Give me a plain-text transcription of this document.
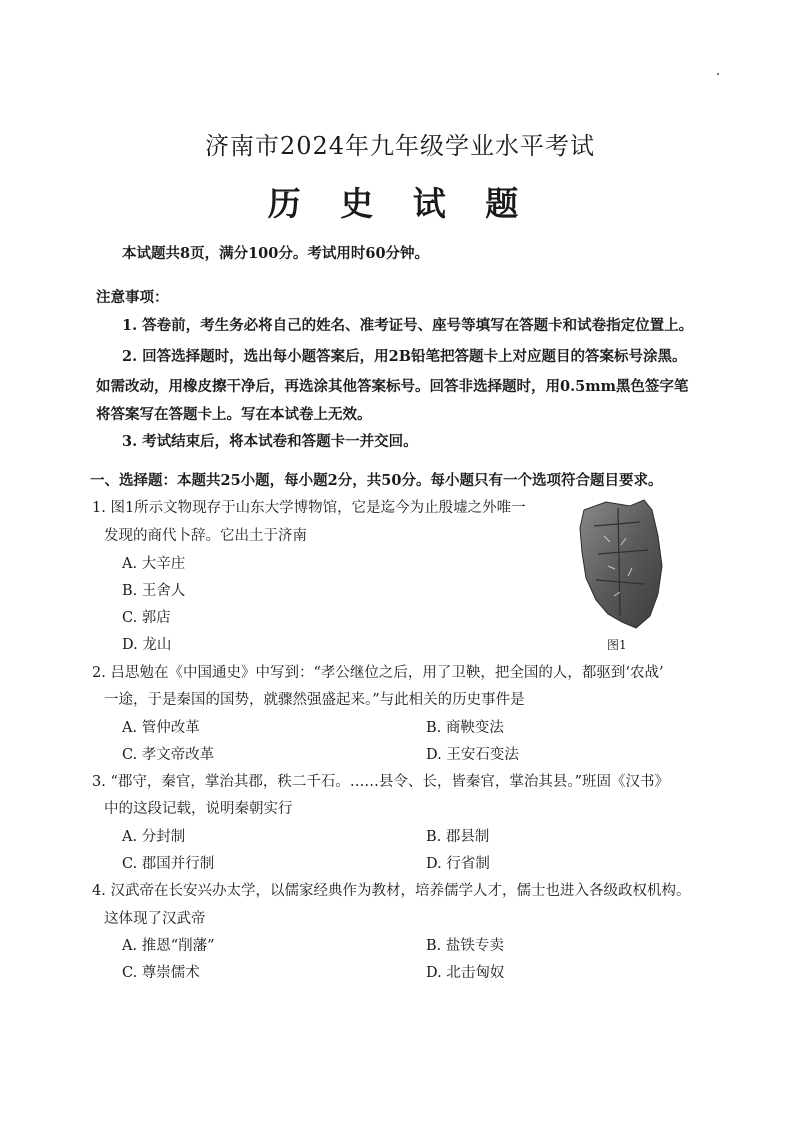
济南市2024年九年级学业水平考试
历 史 试 题
本试题共8页，满分100分。考试用时60分钟。
注意事项：
1. 答卷前，考生务必将自己的姓名、准考证号、座号等填写在答题卡和试卷指定位置上。
2. 回答选择题时，选出每小题答案后，用2B铅笔把答题卡上对应题目的答案标号涂黑。
如需改动，用橡皮擦干净后，再选涂其他答案标号。回答非选择题时，用0.5mm黑色签字笔
将答案写在答题卡上。写在本试卷上无效。
3. 考试结束后，将本试卷和答题卡一并交回。
一、选择题：本题共25小题，每小题2分，共50分。每小题只有一个选项符合题目要求。
1. 图1所示文物现存于山东大学博物馆，它是迄今为止殷墟之外唯一
发现的商代卜辞。它出土于济南
A. 大辛庄
B. 王舍人
C. 郭店
D. 龙山	图1
2. 吕思勉在《中国通史》中写到：“孝公继位之后，用了卫鞅，把全国的人，都驱到‘农战’
一途，于是秦国的国势，就骤然强盛起来。”与此相关的历史事件是
A. 管仲改革	B. 商鞅变法
C. 孝文帝改革	D. 王安石变法
3. “郡守，秦官，掌治其郡，秩二千石。……县令、长，皆秦官，掌治其县。”班固《汉书》
中的这段记载，说明秦朝实行
A. 分封制	B. 郡县制
C. 郡国并行制	D. 行省制
4. 汉武帝在长安兴办太学，以儒家经典作为教材，培养儒学人才，儒士也进入各级政权机构。
这体现了汉武帝
A. 推恩“削藩”	B. 盐铁专卖
C. 尊崇儒术	D. 北击匈奴
